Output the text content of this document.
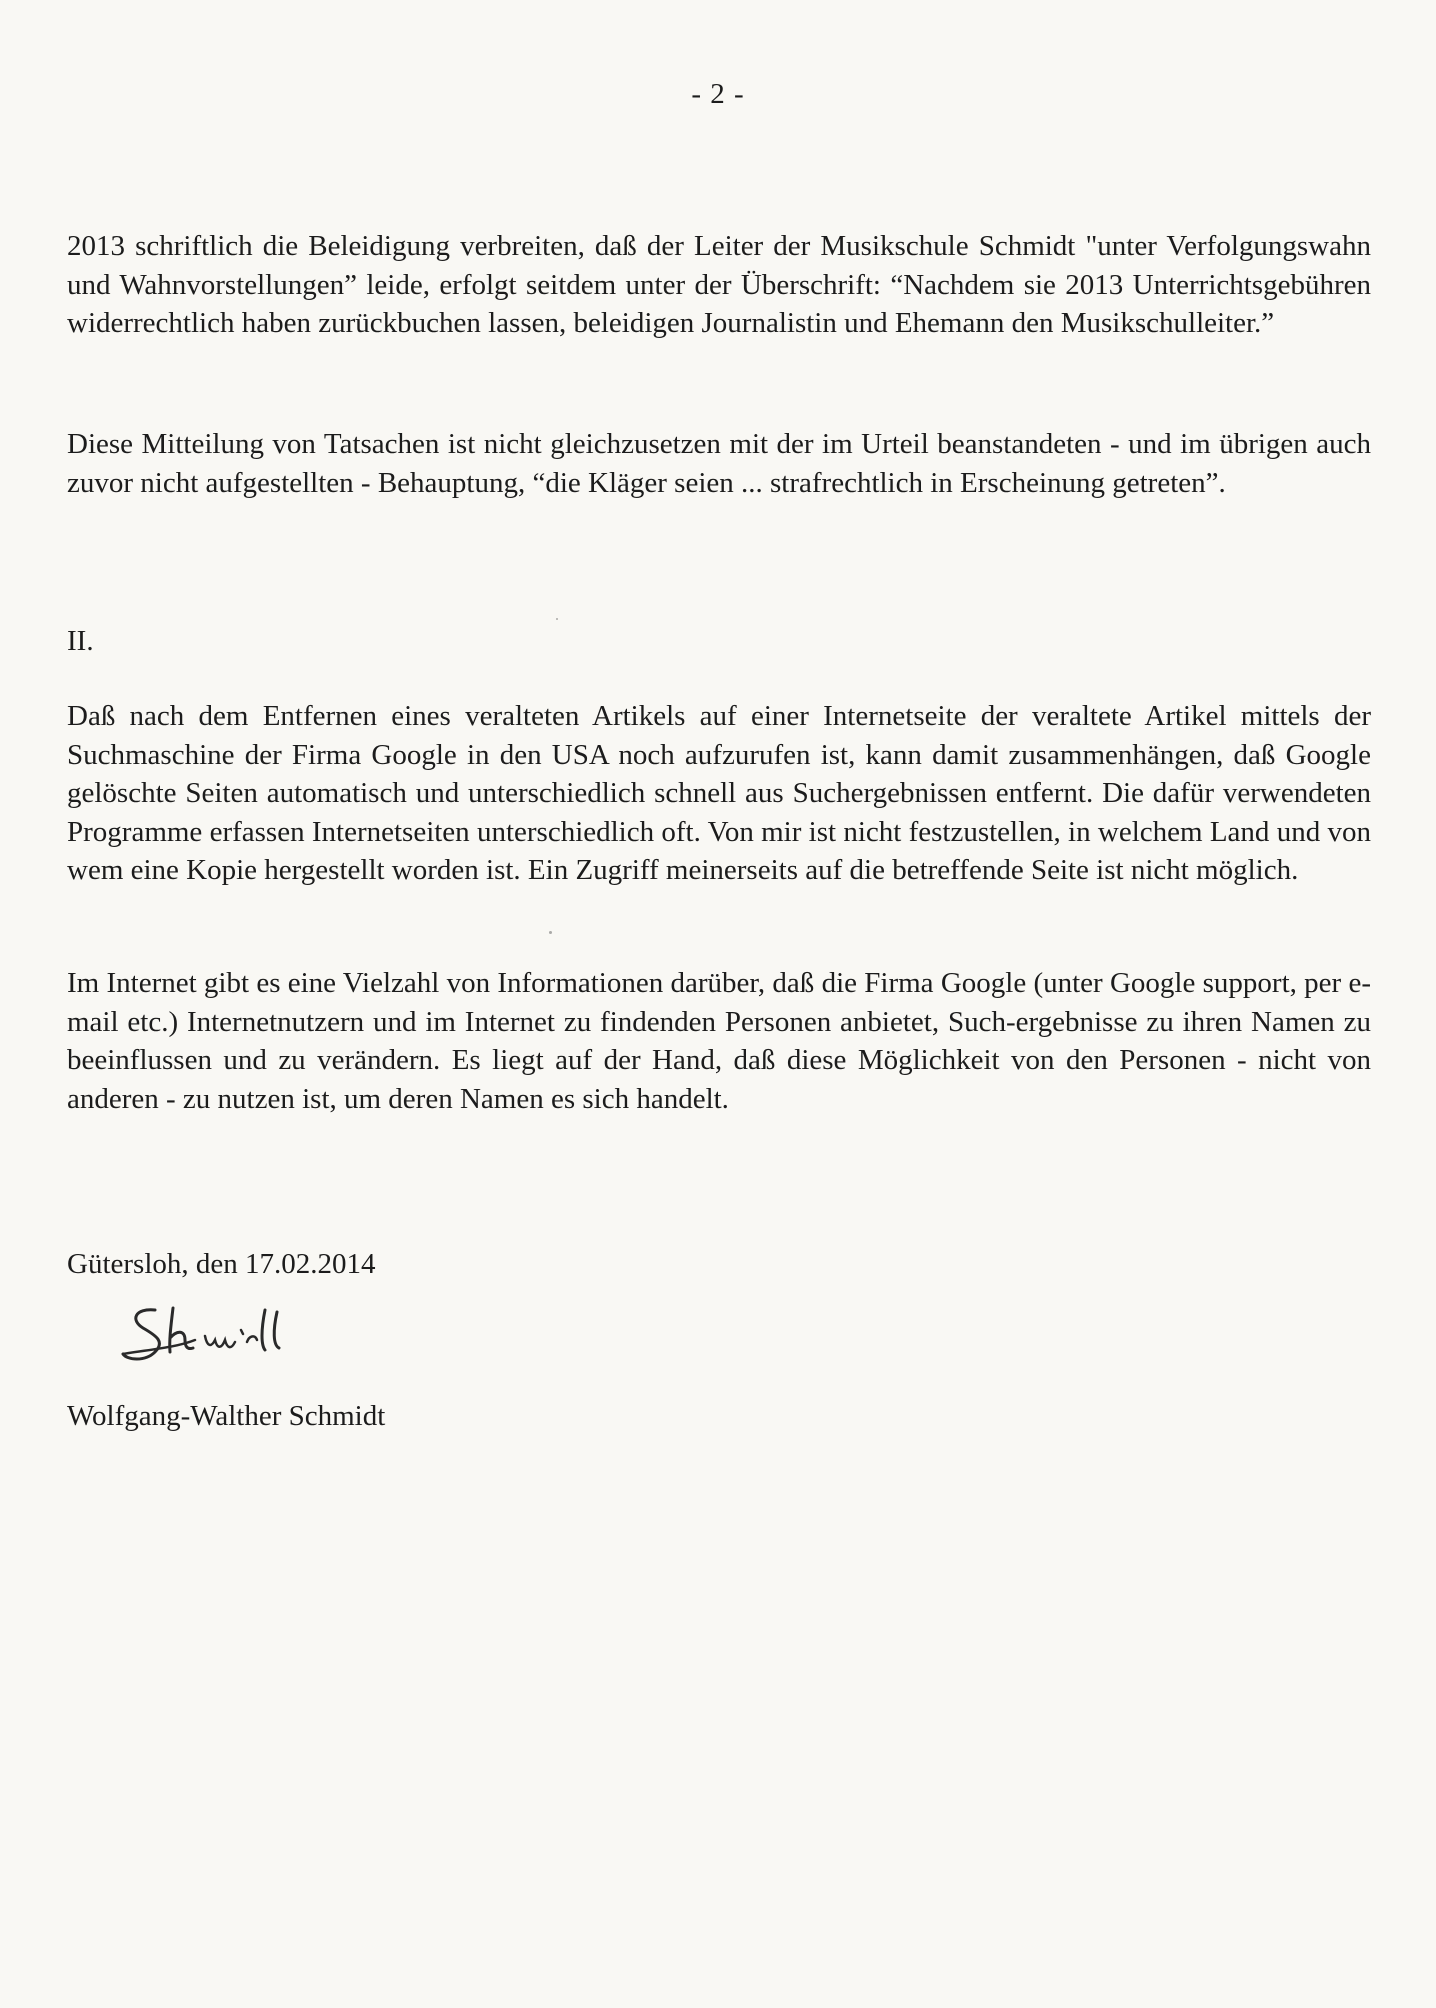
- 2 -

2013 schriftlich die Beleidigung verbreiten, daß der Leiter der Musikschule Schmidt "unter Verfolgungswahn und Wahnvorstellungen” leide, erfolgt seitdem unter der Überschrift: “Nachdem sie 2013 Unterrichtsgebühren widerrechtlich haben zurückbuchen lassen, beleidigen Journalistin und Ehemann den Musikschulleiter.”

Diese Mitteilung von Tatsachen ist nicht gleichzusetzen mit der im Urteil beanstandeten - und im übrigen auch zuvor nicht aufgestellten - Behauptung, “die Kläger seien ... strafrechtlich in Erscheinung getreten”.

II.

Daß nach dem Entfernen eines veralteten Artikels auf einer Internetseite der veraltete Artikel mittels der Suchmaschine der Firma Google in den USA noch aufzurufen ist, kann damit zusammenhängen, daß Google gelöschte Seiten automatisch und unterschiedlich schnell aus Suchergebnissen entfernt. Die dafür verwendeten Programme erfassen Internetseiten unterschiedlich oft. Von mir ist nicht festzustellen, in welchem Land und von wem eine Kopie hergestellt worden ist. Ein Zugriff meinerseits auf die betreffende Seite ist nicht möglich.

Im Internet gibt es eine Vielzahl von Informationen darüber, daß die Firma Google (unter Google support, per e-mail etc.) Internetnutzern und im Internet zu findenden Personen anbietet, Such-ergebnisse zu ihren Namen zu beeinflussen und zu verändern. Es liegt auf der Hand, daß diese Möglichkeit von den Personen - nicht von anderen - zu nutzen ist, um deren Namen es sich handelt.

Gütersloh, den 17.02.2014
Wolfgang-Walther Schmidt
